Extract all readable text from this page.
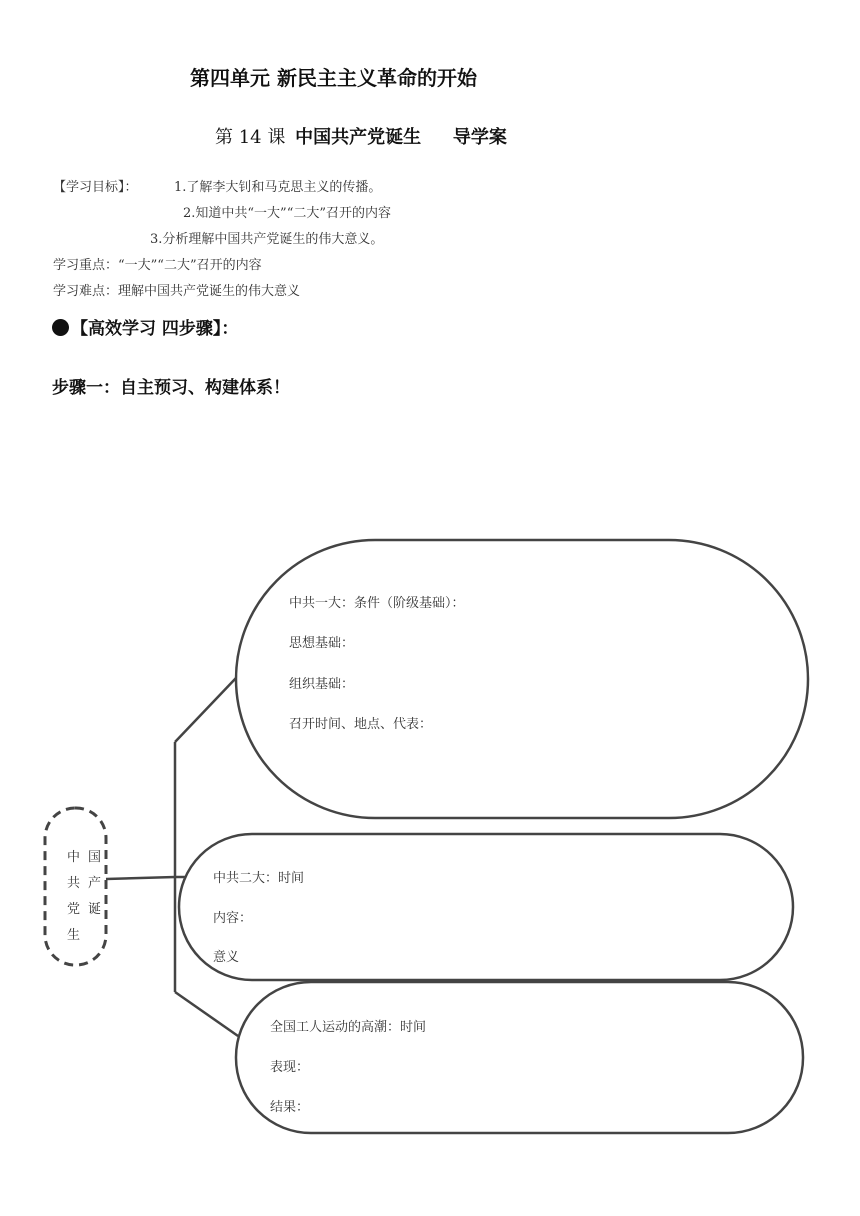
第四单元 新民主主义革命的开始
第 14 课 中国共产党诞生 导学案
【学习目标】：	1.了解李大钊和马克思主义的传播。
2.知道中共“一大”“二大”召开的内容
3.分析理解中国共产党诞生的伟大意义。
学习重点：“一大”“二大”召开的内容
学习难点：理解中国共产党诞生的伟大意义
【高效学习 四步骤】：
步骤一：自主预习、构建体系！
中 国
共 产
党 诞
生
中共一大：条件（阶级基础）：
思想基础：
组织基础：
召开时间、地点、代表：
中共二大：时间
内容：
意义
全国工人运动的高潮：时间
表现：
结果：
